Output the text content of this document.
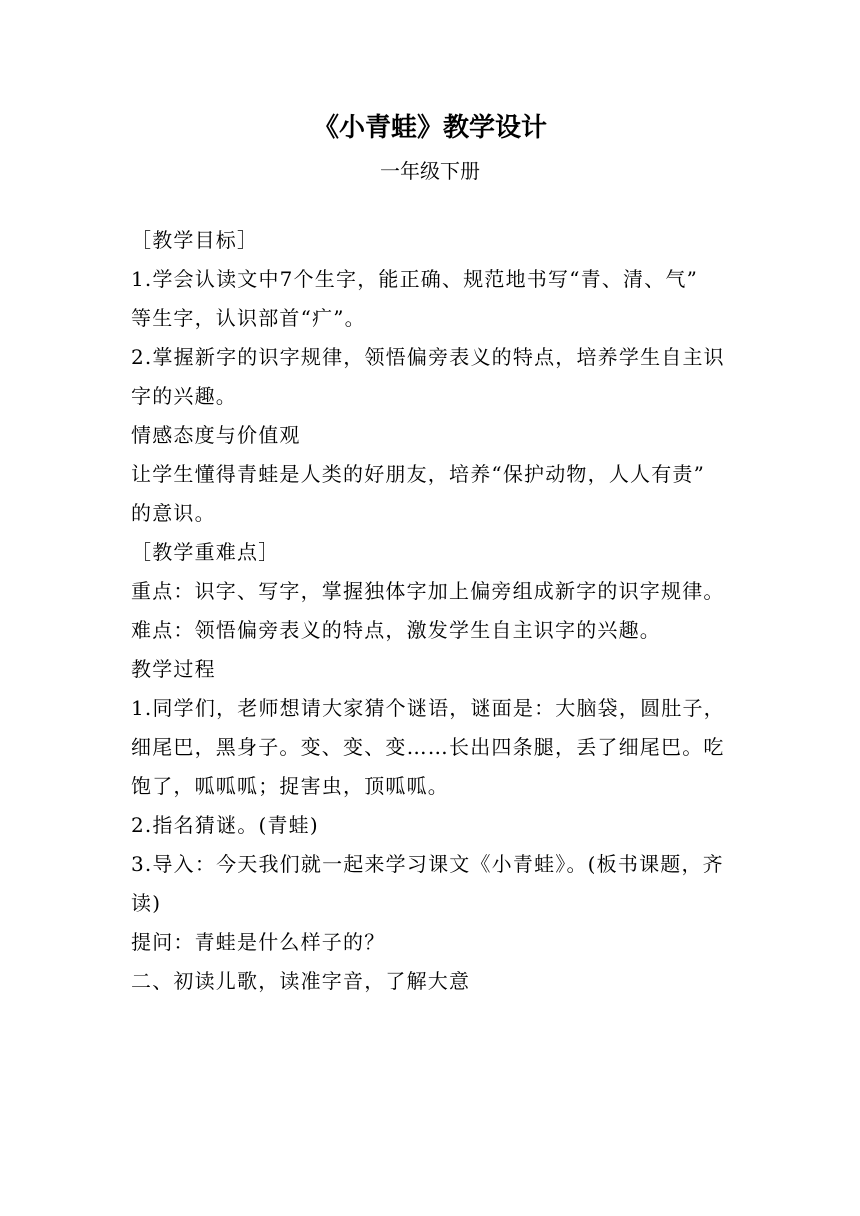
《小青蛙》教学设计

一年级下册

［教学目标］

1.学会认读文中7个生字，能正确、规范地书写“青、清、气”

等生字，认识部首“疒”。

2.掌握新字的识字规律，领悟偏旁表义的特点，培养学生自主识

字的兴趣。

情感态度与价值观

让学生懂得青蛙是人类的好朋友，培养“保护动物，人人有责”

的意识。

［教学重难点］

重点：识字、写字，掌握独体字加上偏旁组成新字的识字规律。

难点：领悟偏旁表义的特点，激发学生自主识字的兴趣。

教学过程

1.同学们，老师想请大家猜个谜语，谜面是：大脑袋，圆肚子，

细尾巴，黑身子。变、变、变……长出四条腿，丢了细尾巴。吃

饱了，呱呱呱；捉害虫，顶呱呱。

2.指名猜谜。(青蛙)

3.导入：今天我们就一起来学习课文《小青蛙》。(板书课题，齐

读)

提问：青蛙是什么样子的？

二、初读儿歌，读准字音，了解大意
